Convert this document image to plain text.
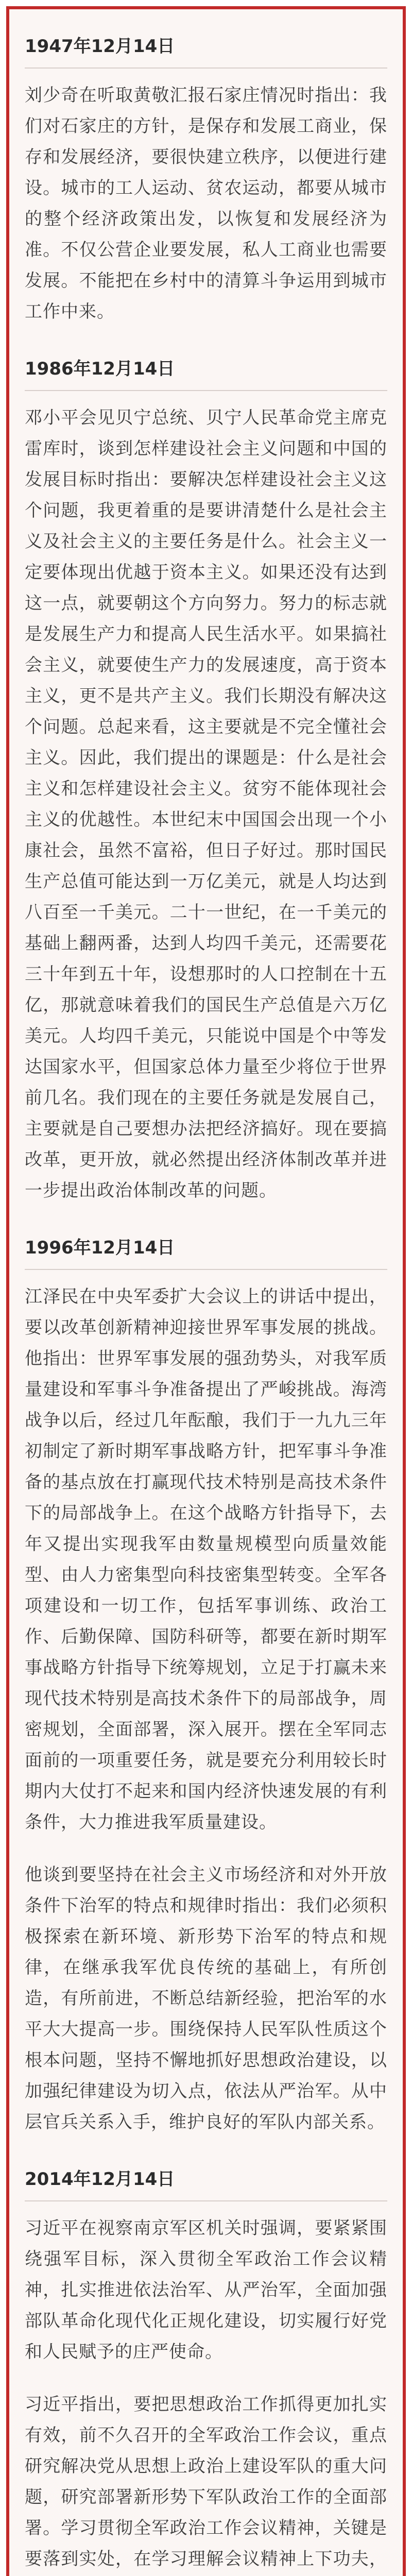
1947年12月14日

刘少奇在听取黄敬汇报石家庄情况时指出：我们对石家庄的方针，是保存和发展工商业，保存和发展经济，要很快建立秩序，以便进行建设。城市的工人运动、贫农运动，都要从城市的整个经济政策出发，以恢复和发展经济为准。不仅公营企业要发展，私人工商业也需要发展。不能把在乡村中的清算斗争运用到城市工作中来。

1986年12月14日

邓小平会见贝宁总统、贝宁人民革命党主席克雷库时，谈到怎样建设社会主义问题和中国的发展目标时指出：要解决怎样建设社会主义这个问题，我更着重的是要讲清楚什么是社会主义及社会主义的主要任务是什么。社会主义一定要体现出优越于资本主义。如果还没有达到这一点，就要朝这个方向努力。努力的标志就是发展生产力和提高人民生活水平。如果搞社会主义，就要使生产力的发展速度，高于资本主义，更不是共产主义。我们长期没有解决这个问题。总起来看，这主要就是不完全懂社会主义。因此，我们提出的课题是：什么是社会主义和怎样建设社会主义。贫穷不能体现社会主义的优越性。本世纪末中国国会出现一个小康社会，虽然不富裕，但日子好过。那时国民生产总值可能达到一万亿美元，就是人均达到八百至一千美元。二十一世纪，在一千美元的基础上翻两番，达到人均四千美元，还需要花三十年到五十年，设想那时的人口控制在十五亿，那就意味着我们的国民生产总值是六万亿美元。人均四千美元，只能说中国是个中等发达国家水平，但国家总体力量至少将位于世界前几名。我们现在的主要任务就是发展自己，主要就是自己要想办法把经济搞好。现在要搞改革，更开放，就必然提出经济体制改革并进一步提出政治体制改革的问题。

1996年12月14日

江泽民在中央军委扩大会议上的讲话中提出，要以改革创新精神迎接世界军事发展的挑战。他指出：世界军事发展的强劲势头，对我军质量建设和军事斗争准备提出了严峻挑战。海湾战争以后，经过几年酝酿，我们于一九九三年初制定了新时期军事战略方针，把军事斗争准备的基点放在打赢现代技术特别是高技术条件下的局部战争上。在这个战略方针指导下，去年又提出实现我军由数量规模型向质量效能型、由人力密集型向科技密集型转变。全军各项建设和一切工作，包括军事训练、政治工作、后勤保障、国防科研等，都要在新时期军事战略方针指导下统筹规划，立足于打赢未来现代技术特别是高技术条件下的局部战争，周密规划，全面部署，深入展开。摆在全军同志面前的一项重要任务，就是要充分利用较长时期内大仗打不起来和国内经济快速发展的有利条件，大力推进我军质量建设。

他谈到要坚持在社会主义市场经济和对外开放条件下治军的特点和规律时指出：我们必须积极探索在新环境、新形势下治军的特点和规律，在继承我军优良传统的基础上，有所创造，有所前进，不断总结新经验，把治军的水平大大提高一步。围绕保持人民军队性质这个根本问题，坚持不懈地抓好思想政治建设，以加强纪律建设为切入点，依法从严治军。从中层官兵关系入手，维护良好的军队内部关系。

2014年12月14日

习近平在视察南京军区机关时强调，要紧紧围绕强军目标，深入贯彻全军政治工作会议精神，扎实推进依法治军、从严治军，全面加强部队革命化现代化正规化建设，切实履行好党和人民赋予的庄严使命。

习近平指出，要把思想政治工作抓得更加扎实有效，前不久召开的全军政治工作会议，重点研究解决党从思想上政治上建设军队的重大问题，研究部署新形势下军队政治工作的全面部署。学习贯彻全军政治工作会议精神，关键是要落到实处，在学习理解会议精神上下功夫，
